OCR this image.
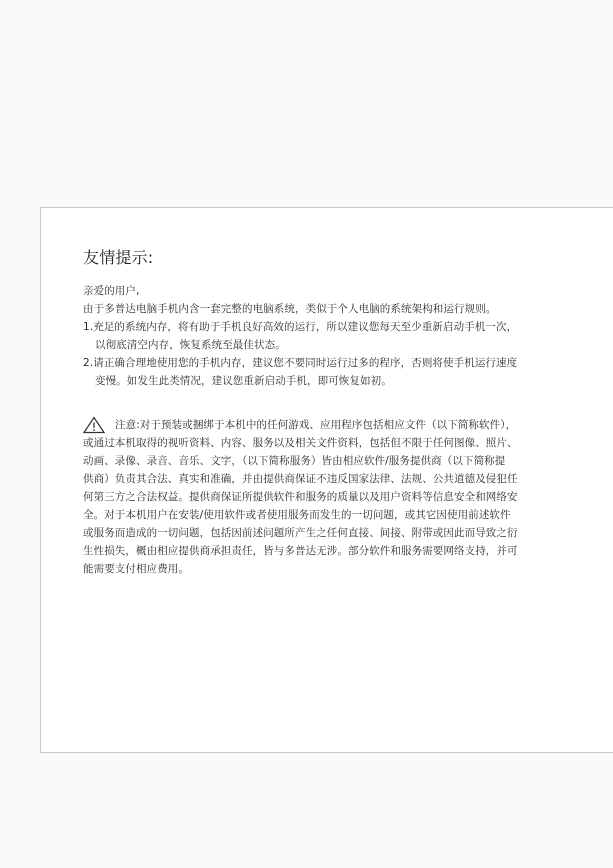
友情提示:

亲爱的用户,

由于多普达电脑手机内含一套完整的电脑系统，类似于个人电脑的系统架构和运行规则。

1.充足的系统内存，将有助于手机良好高效的运行，所以建议您每天至少重新启动手机一次，

以彻底清空内存，恢复系统至最佳状态。

2.请正确合理地使用您的手机内存，建议您不要同时运行过多的程序，否则将使手机运行速度

变慢。如发生此类情况，建议您重新启动手机，即可恢复如初。

注意:对于预装或捆绑于本机中的任何游戏、应用程序包括相应文件（以下简称软件），

或通过本机取得的视听资料、内容、服务以及相关文件资料，包括但不限于任何图像、照片、

动画、录像、录音、音乐、文字，（以下简称服务）皆由相应软件/服务提供商（以下简称提

供商）负责其合法、真实和准确，并由提供商保证不违反国家法律、法规、公共道德及侵犯任

何第三方之合法权益。提供商保证所提供软件和服务的质量以及用户资料等信息安全和网络安

全。对于本机用户在安装/使用软件或者使用服务而发生的一切问题，或其它因使用前述软件

或服务而造成的一切问题，包括因前述问题所产生之任何直接、间接、附带或因此而导致之衍

生性损失，概由相应提供商承担责任，皆与多普达无涉。部分软件和服务需要网络支持，并可

能需要支付相应费用。
